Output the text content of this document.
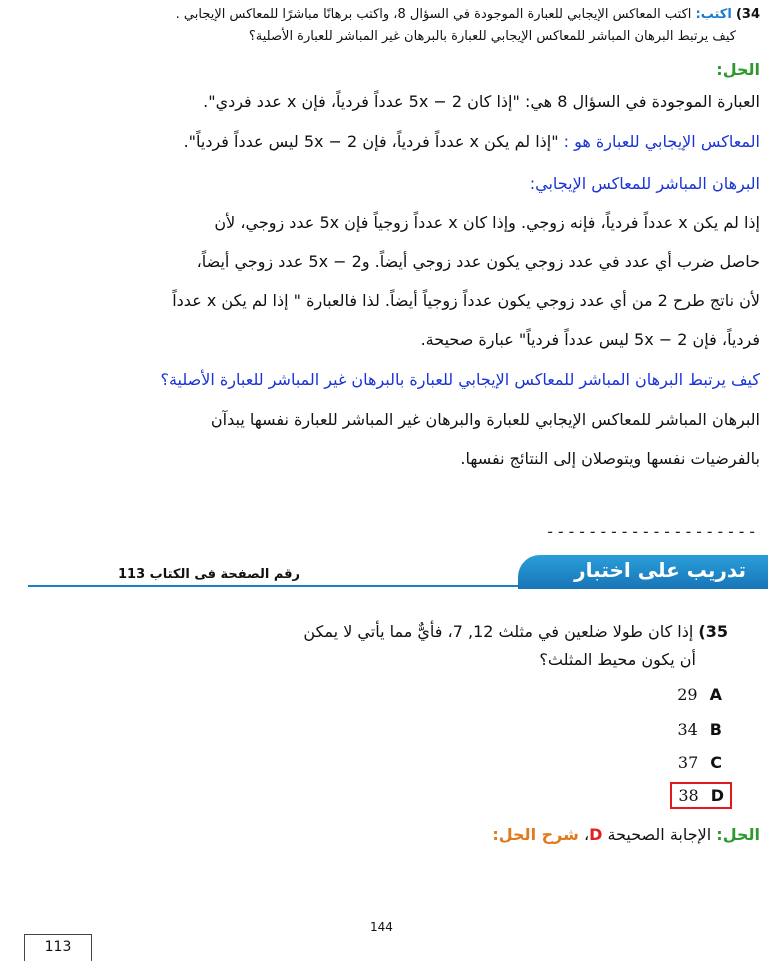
34) اكتب: اكتب المعاكس الإيجابي للعبارة الموجودة في السؤال 8، واكتب برهانًا مباشرًا للمعاكس الإيجابي .
كيف يرتبط البرهان المباشر للمعاكس الإيجابي للعبارة بالبرهان غير المباشر للعبارة الأصلية؟
الحل:
العبارة الموجودة في السؤال 8 هي: "إذا كان 2 − 5x عدداً فردياً، فإن x عدد فردي".
المعاكس الإيجابي للعبارة هو : "إذا لم يكن x عدداً فردياً، فإن 2 − 5x ليس عدداً فردياً".
البرهان المباشر للمعاكس الإيجابي:
إذا لم يكن x عدداً فردياً، فإنه زوجي. وإذا كان x عدداً زوجياً فإن 5x عدد زوجي، لأن
حاصل ضرب أي عدد في عدد زوجي يكون عدد زوجي أيضاً. و2 − 5x عدد زوجي أيضاً،
لأن ناتج طرح 2 من أي عدد زوجي يكون عدداً زوجياً أيضاً. لذا فالعبارة " إذا لم يكن x عدداً
فردياً، فإن 2 − 5x ليس عدداً فردياً" عبارة صحيحة.
كيف يرتبط البرهان المباشر للمعاكس الإيجابي للعبارة بالبرهان غير المباشر للعبارة الأصلية؟
البرهان المباشر للمعاكس الإيجابي للعبارة والبرهان غير المباشر للعبارة نفسها يبدآن
بالفرضيات نفسها ويتوصلان إلى النتائج نفسها.
--------------------
تدريب على اختبار
رقم الصفحة فى الكتاب 113
35) إذا كان طولا ضلعين في مثلث 12, 7، فأيٌّ مما يأتي لا يمكن
أن يكون محيط المثلث؟
29 A
34 B
37 C
38 D
الحل: الإجابة الصحيحة D، شرح الحل:
144
113
